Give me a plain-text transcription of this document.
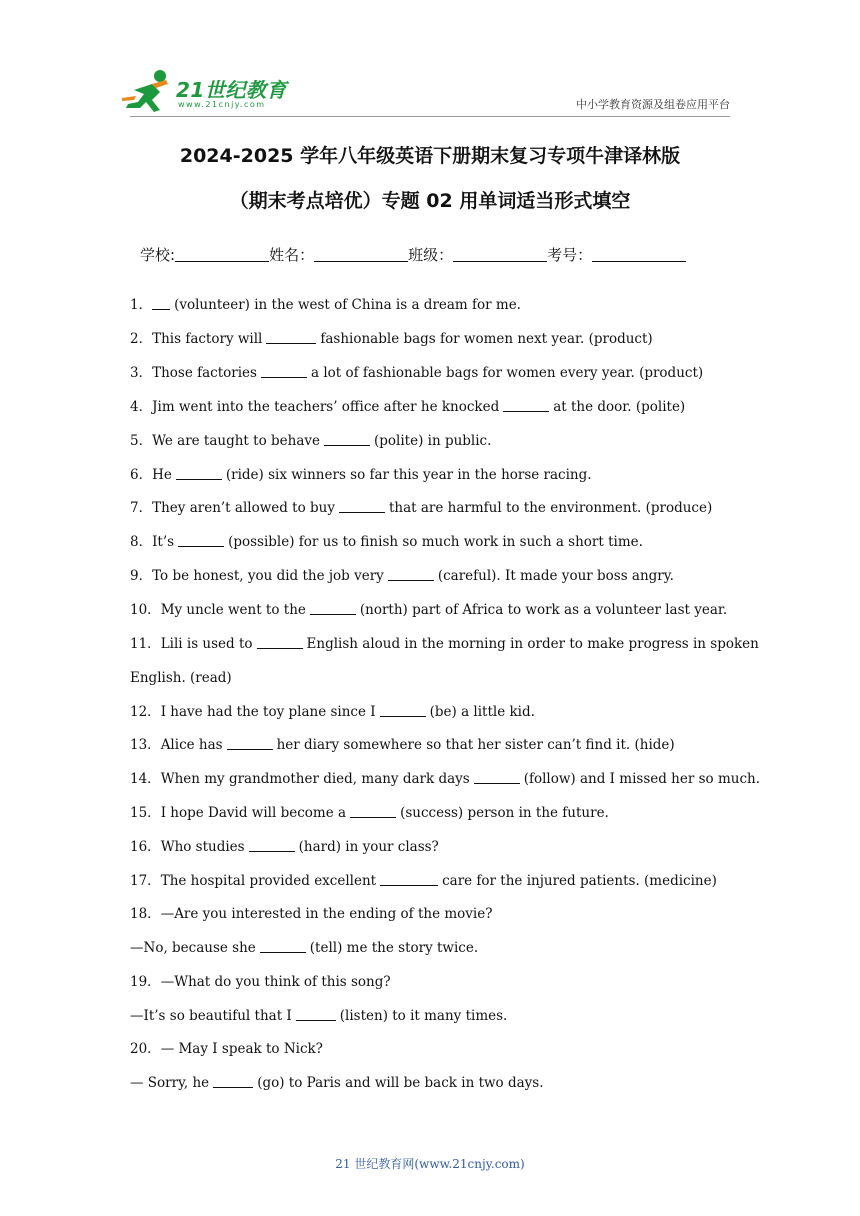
21世纪教育
www.21cnjy.com	中小学教育资源及组卷应用平台
2024-2025 学年八年级英语下册期末复习专项牛津译林版
（期末考点培优）专题 02 用单词适当形式填空
学校:	姓名：	班级：	考号：
1． (volunteer) in the west of China is a dream for me.
2．This factory will	fashionable bags for women next year. (product)
3．Those factories	a lot of fashionable bags for women every year. (product)
4．Jim went into the teachers’ office after he knocked	at the door. (polite)
5．We are taught to behave	(polite) in public.
6．He	(ride) six winners so far this year in the horse racing.
7．They aren’t allowed to buy	that are harmful to the environment. (produce)
8．It’s	(possible) for us to finish so much work in such a short time.
9．To be honest, you did the job very	(careful). It made your boss angry.
10．My uncle went to the	(north) part of Africa to work as a volunteer last year.
11．Lili is used to	English aloud in the morning in order to make progress in spoken
English. (read)
12．I have had the toy plane since I	(be) a little kid.
13．Alice has	her diary somewhere so that her sister can’t find it. (hide)
14．When my grandmother died, many dark days	(follow) and I missed her so much.
15．I hope David will become a	(success) person in the future.
16．Who studies	(hard) in your class?
17．The hospital provided excellent	care for the injured patients. (medicine)
18．—Are you interested in the ending of the movie?
—No, because she	(tell) me the story twice.
19．—What do you think of this song?
—It’s so beautiful that I	(listen) to it many times.
20．— May I speak to Nick?
— Sorry, he	(go) to Paris and will be back in two days.
21 世纪教育网(www.21cnjy.com)
